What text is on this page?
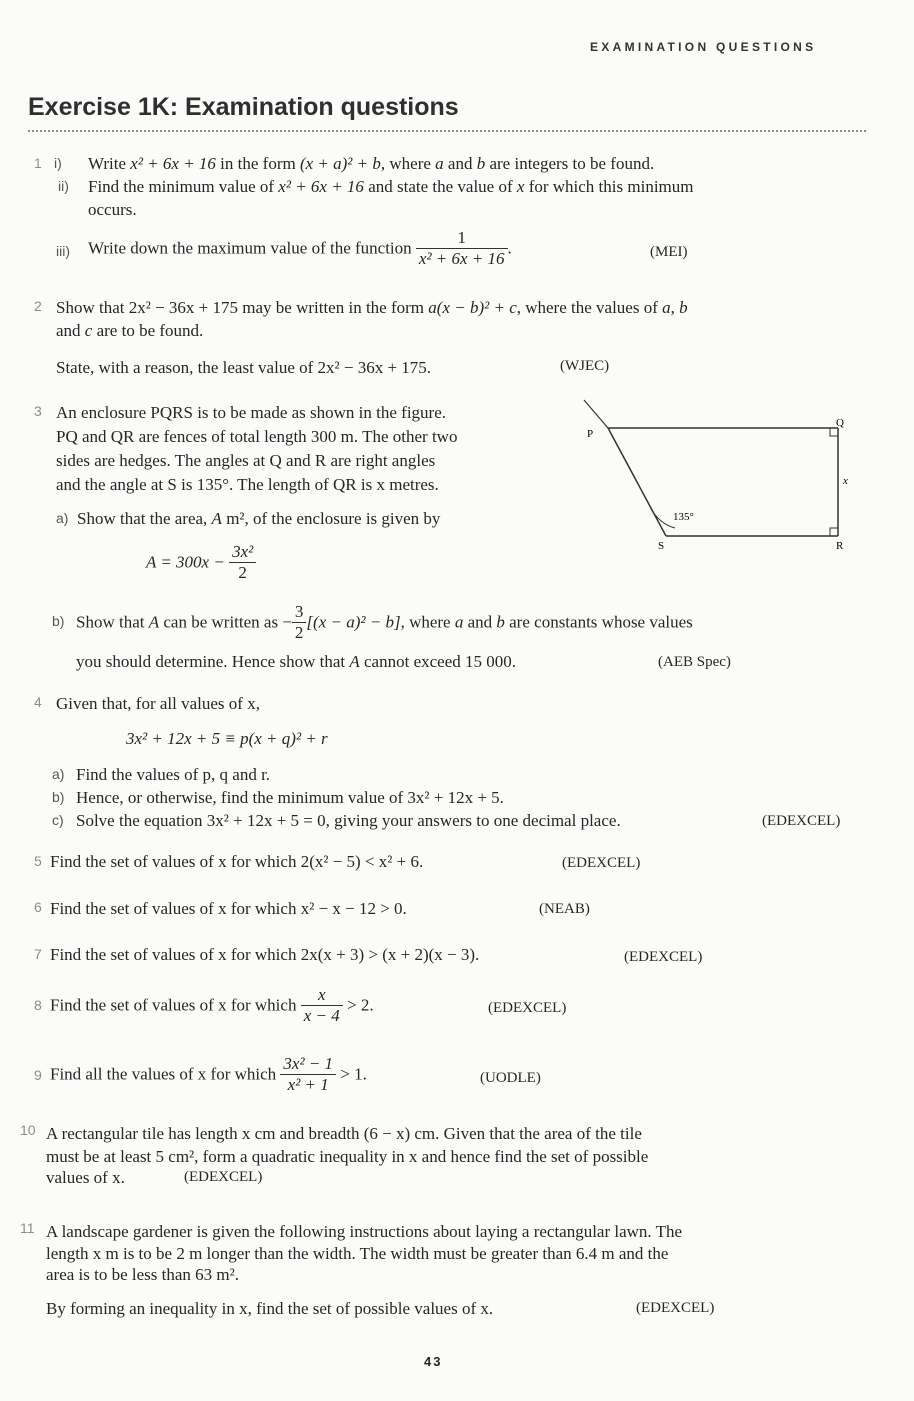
EXAMINATION QUESTIONS
Exercise 1K: Examination questions
1 i) Write x² + 6x + 16 in the form (x + a)² + b, where a and b are integers to be found.
ii) Find the minimum value of x² + 6x + 16 and state the value of x for which this minimum
occurs.
iii) Write down the maximum value of the function $\frac{1}{\text{x² + 6x + 16}}$ .	(MEI)
2 Show that 2x² − 36x + 175 may be written in the form a(x − b)² + c, where the values of a, b
and c are to be found.
State, with a reason, the least value of 2x² − 36x + 175.	(WJEC)
3 An enclosure PQRS is to be made as shown in the figure.
PQ and QR are fences of total length 300 m. The other two
sides are hedges. The angles at Q and R are right angles
and the angle at S is 135°. The length of QR is x metres.
a) Show that the area, A m², of the enclosure is given by
$A = 300x - \frac{\text{3x²}}{2}$
P
Q
x
R
S
135°
b) Show that A can be written as − $\frac{3}{2} [(x - a)^2 - b]$, where a and b are constants whose values
you should determine. Hence show that A cannot exceed 15 000.	(AEB Spec)
4 Given that, for all values of x,
3x² + 12x + 5 ≡ p(x + q)² + r
a) Find the values of p, q and r.
b) Hence, or otherwise, find the minimum value of 3x² + 12x + 5.
c) Solve the equation 3x² + 12x + 5 = 0, giving your answers to one decimal place.	(EDEXCEL)
5 Find the set of values of x for which 2(x² − 5) < x² + 6.	(EDEXCEL)
6 Find the set of values of x for which x² − x − 12 > 0.	(NEAB)
7 Find the set of values of x for which 2x(x + 3) > (x + 2)(x − 3).	(EDEXCEL)
8 Find the set of values of x for which $\frac{x}{x - 4} > 2$.	(EDEXCEL)
9 Find all the values of x for which $\frac{\text{3x² − 1}}{\text{x² + 1}} > 1$.	(UODLE)
10 A rectangular tile has length x cm and breadth (6 − x) cm. Given that the area of the tile
must be at least 5 cm², form a quadratic inequality in x and hence find the set of possible
values of x.	(EDEXCEL)
11 A landscape gardener is given the following instructions about laying a rectangular lawn. The
length x m is to be 2 m longer than the width. The width must be greater than 6.4 m and the
area is to be less than 63 m².
By forming an inequality in x, find the set of possible values of x.	(EDEXCEL)
43
